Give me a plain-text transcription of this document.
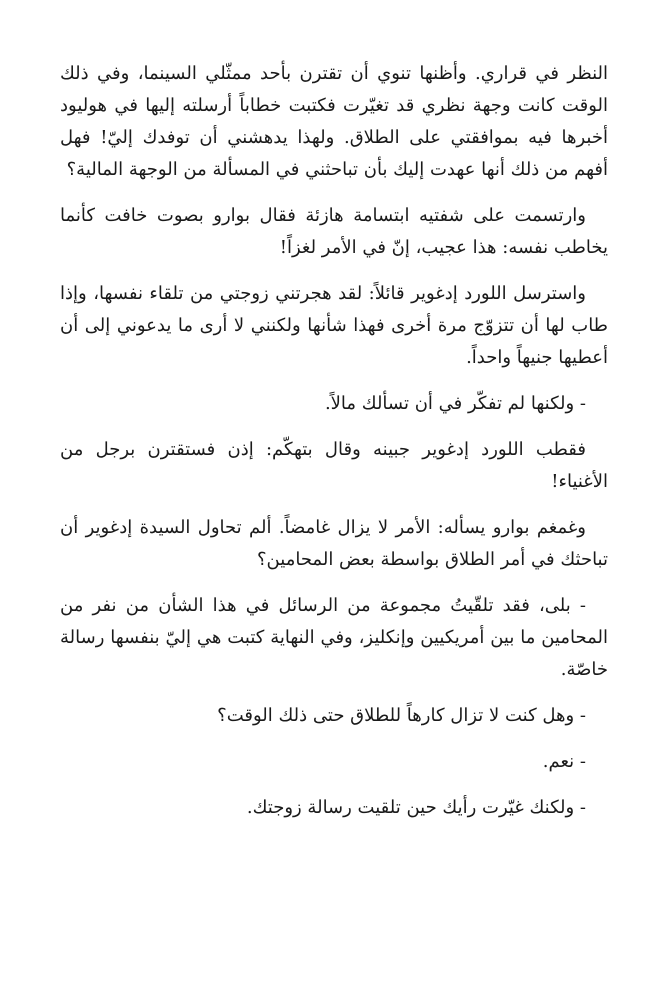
النظر في قراري. وأظنها تنوي أن تقترن بأحد ممثّلي السينما، وفي ذلك الوقت كانت وجهة نظري قد تغيّرت فكتبت خطاباً أرسلته إليها في هوليود أخبرها فيه بموافقتي على الطلاق. ولهذا يدهشني أن توفدك إليّ! فهل أفهم من ذلك أنها عهدت إليك بأن تباحثني في المسألة من الوجهة المالية؟

وارتسمت على شفتيه ابتسامة هازئة فقال بوارو بصوت خافت كأنما يخاطب نفسه: هذا عجيب، إنّ في الأمر لغزاً!

واسترسل اللورد إدغوير قائلاً: لقد هجرتني زوجتي من تلقاء نفسها، وإذا طاب لها أن تتزوّج مرة أخرى فهذا شأنها ولكنني لا أرى ما يدعوني إلى أن أعطيها جنيهاً واحداً.

- ولكنها لم تفكّر في أن تسألك مالاً.

فقطب اللورد إدغوير جبينه وقال بتهكّم: إذن فستقترن برجل من الأغنياء!

وغمغم بوارو يسأله: الأمر لا يزال غامضاً. ألم تحاول السيدة إدغوير أن تباحثك في أمر الطلاق بواسطة بعض المحامين؟

- بلى، فقد تلقّيتُ مجموعة من الرسائل في هذا الشأن من نفر من المحامين ما بين أمريكيين وإنكليز، وفي النهاية كتبت هي إليّ بنفسها رسالة خاصّة.

- وهل كنت لا تزال كارهاً للطلاق حتى ذلك الوقت؟

- نعم.

- ولكنك غيّرت رأيك حين تلقيت رسالة زوجتك.
